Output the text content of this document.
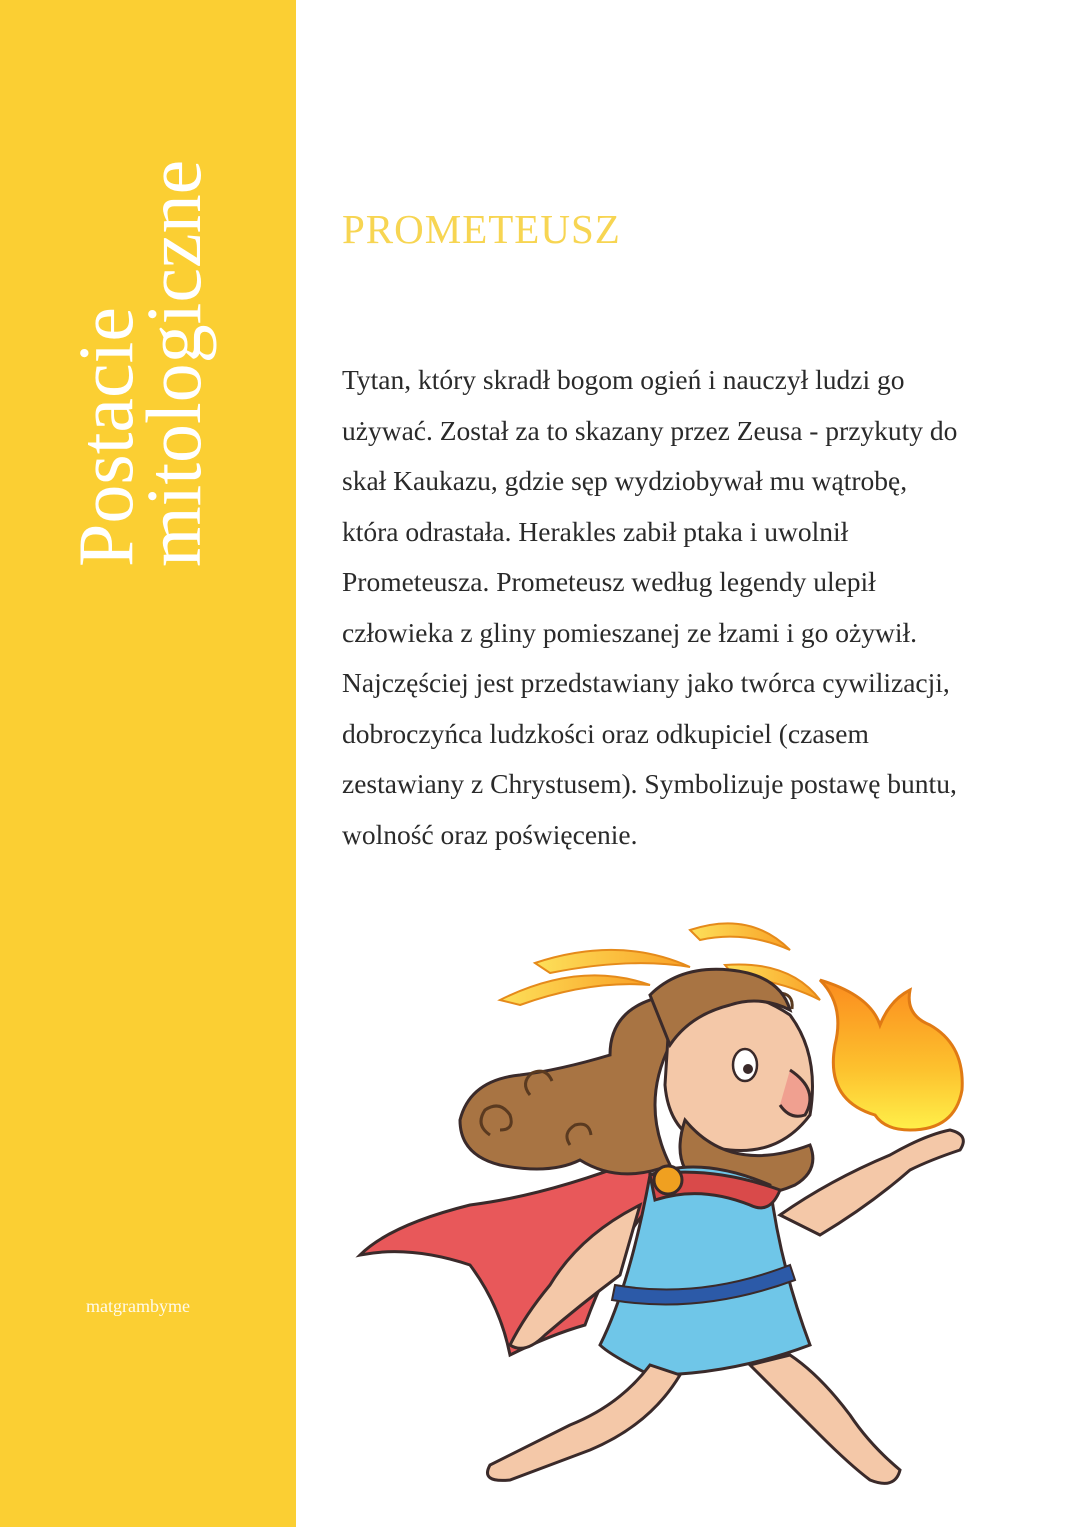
Postacie
mitologiczne
matgrambyme
PROMETEUSZ
Tytan, który skradł bogom ogień i nauczył ludzi go
używać. Został za to skazany przez Zeusa - przykuty do
skał Kaukazu, gdzie sęp wydziobywał mu wątrobę,
która odrastała. Herakles zabił ptaka i uwolnił
Prometeusza. Prometeusz według legendy ulepił
człowieka z gliny pomieszanej ze łzami i go ożywił.
Najczęściej jest przedstawiany jako twórca cywilizacji,
dobroczyńca ludzkości oraz odkupiciel (czasem
zestawiany z Chrystusem). Symbolizuje postawę buntu,
wolność oraz poświęcenie.
